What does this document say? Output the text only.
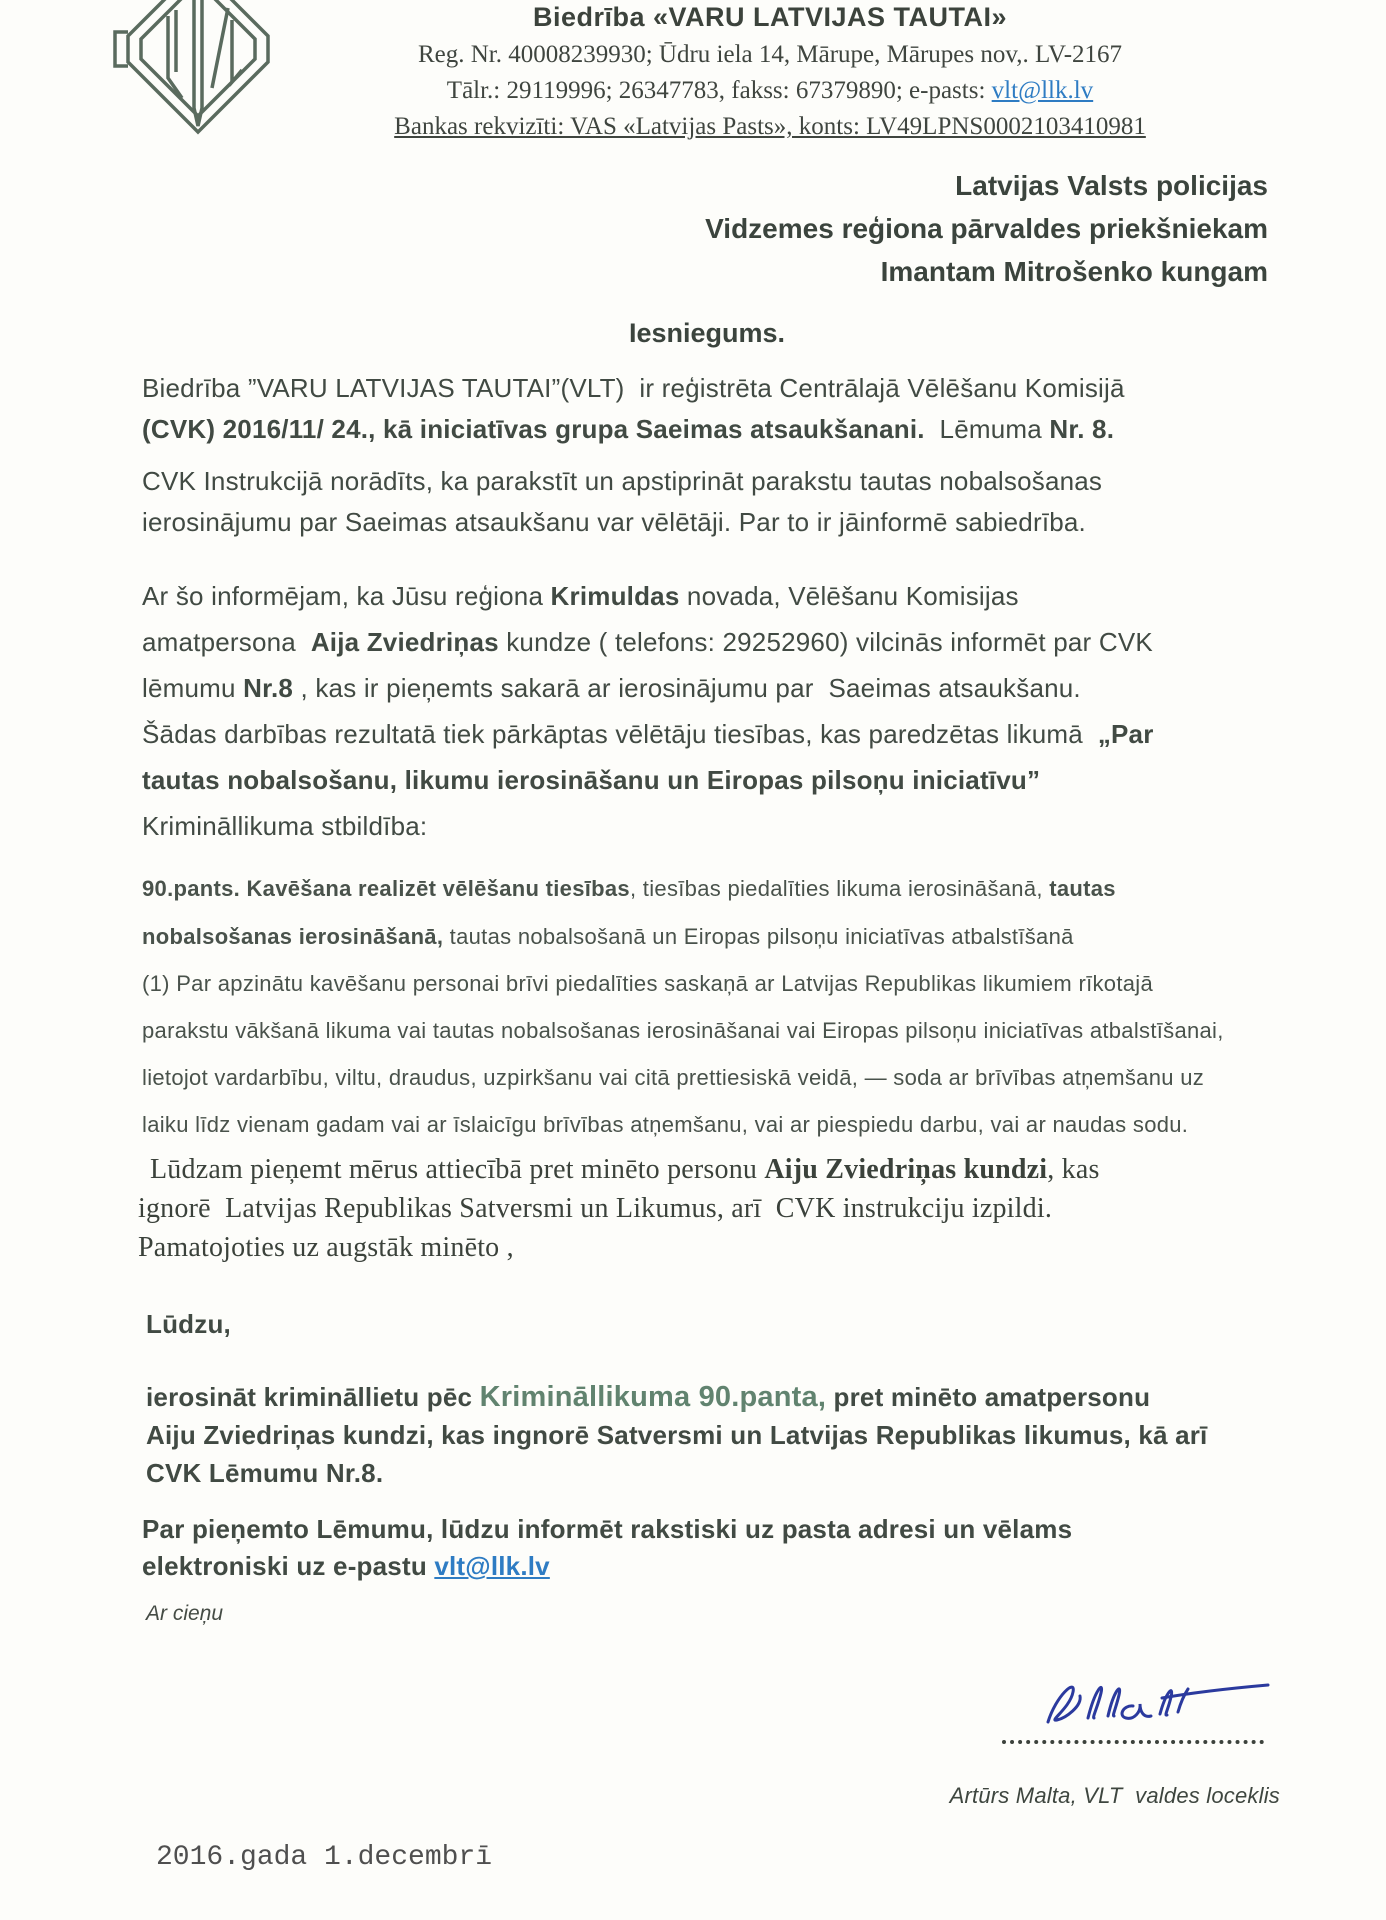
Biedrība «VARU LATVIJAS TAUTAI»
Reg. Nr. 40008239930; Ūdru iela 14, Mārupe, Mārupes nov,. LV-2167
Tālr.: 29119996; 26347783, fakss: 67379890; e-pasts: vlt@llk.lv
Bankas rekvizīti: VAS «Latvijas Pasts», konts: LV49LPNS0002103410981
Latvijas Valsts policijas
Vidzemes reģiona pārvaldes priekšniekam
Imantam Mitrošenko kungam
Iesniegums.
Biedrība ”VARU LATVIJAS TAUTAI”(VLT)  ir reģistrēta Centrālajā Vēlēšanu Komisijā
(CVK) 2016/11/ 24., kā iniciatīvas grupa Saeimas atsaukšanani.  Lēmuma Nr. 8.
CVK Instrukcijā norādīts, ka parakstīt un apstiprināt parakstu tautas nobalsošanas
ierosinājumu par Saeimas atsaukšanu var vēlētāji. Par to ir jāinformē sabiedrība.
Ar šo informējam, ka Jūsu reģiona Krimuldas novada, Vēlēšanu Komisijas
amatpersona  Aija Zviedriņas kundze ( telefons: 29252960) vilcinās informēt par CVK
lēmumu Nr.8 , kas ir pieņemts sakarā ar ierosinājumu par  Saeimas atsaukšanu.
Šādas darbības rezultatā tiek pārkāptas vēlētāju tiesības, kas paredzētas likumā  „Par
tautas nobalsošanu, likumu ierosināšanu un Eiropas pilsoņu iniciatīvu”
Krimināllikuma stbildība:
90.pants. Kavēšana realizēt vēlēšanu tiesības, tiesības piedalīties likuma ierosināšanā, tautas
nobalsošanas ierosināšanā, tautas nobalsošanā un Eiropas pilsoņu iniciatīvas atbalstīšanā
(1) Par apzinātu kavēšanu personai brīvi piedalīties saskaņā ar Latvijas Republikas likumiem rīkotajā
parakstu vākšanā likuma vai tautas nobalsošanas ierosināšanai vai Eiropas pilsoņu iniciatīvas atbalstīšanai,
lietojot vardarbību, viltu, draudus, uzpirkšanu vai citā prettiesiskā veidā, — soda ar brīvības atņemšanu uz
laiku līdz vienam gadam vai ar īslaicīgu brīvības atņemšanu, vai ar piespiedu darbu, vai ar naudas sodu.
Lūdzam pieņemt mērus attiecībā pret minēto personu Aiju Zviedriņas kundzi, kas
ignorē  Latvijas Republikas Satversmi un Likumus, arī  CVK instrukciju izpildi.
Pamatojoties uz augstāk minēto ,
Lūdzu,
ierosināt krimināllietu pēc Krimināllikuma 90.panta, pret minēto amatpersonu
Aiju Zviedriņas kundzi, kas ingnorē Satversmi un Latvijas Republikas likumus, kā arī
CVK Lēmumu Nr.8.
Par pieņemto Lēmumu, lūdzu informēt rakstiski uz pasta adresi un vēlams
elektroniski uz e-pastu vlt@llk.lv
Ar cieņu
Artūrs Malta, VLT  valdes loceklis
2016.gada 1.decembrī
